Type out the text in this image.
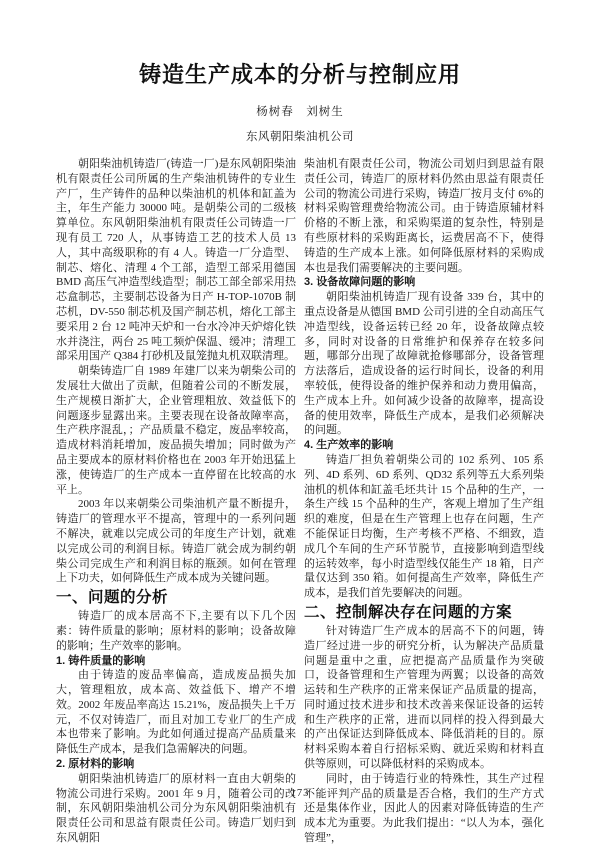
铸造生产成本的分析与控制应用
杨树春　刘树生
东风朝阳柴油机公司

朝阳柴油机铸造厂(铸造一厂)是东风朝阳柴油机有限责任公司所属的生产柴油机铸件的专业生产厂，生产铸件的品种以柴油机的机体和缸盖为主，年生产能力 30000 吨。是朝柴公司的二级核算单位。东风朝阳柴油机有限责任公司铸造一厂现有员工 720 人，从事铸造工艺的技术人员 13 人，其中高级职称的有 4 人。铸造一厂分造型、制芯、熔化、清理 4 个工部，造型工部采用德国 BMD 高压气冲造型线造型；制芯工部全部采用热芯盒制芯，主要制芯设备为日产 H-TOP-1070B 制芯机，DV-550 制芯机及国产制芯机，熔化工部主要采用 2 台 12 吨冲天炉和一台水冷冲天炉熔化铁水并浇注，两台 25 吨工频炉保温、缓冲；清理工部采用国产 Q384 打砂机及鼠笼抛丸机双联清理。

朝柴铸造厂自 1989 年建厂以来为朝柴公司的发展壮大做出了贡献，但随着公司的不断发展，生产规模日渐扩大，企业管理粗放、效益低下的问题逐步显露出来。主要表现在设备故障率高，生产秩序混乱，；产品质量不稳定，废品率较高，造成材料消耗增加，废品损失增加；同时做为产品主要成本的原材料价格也在 2003 年开始迅猛上涨，使铸造厂的生产成本一直停留在比较高的水平上。

2003 年以来朝柴公司柴油机产量不断提升，铸造厂的管理水平不提高，管理中的一系列问题不解决，就难以完成公司的年度生产计划，就难以完成公司的利润目标。铸造厂就会成为制约朝柴公司完成生产和利润目标的瓶颈。如何在管理上下功夫，如何降低生产成本成为关键问题。

一、问题的分析

铸造厂的成本居高不下,主要有以下几个因素：铸件质量的影响；原材料的影响；设备故障的影响；生产效率的影响。

1. 铸件质量的影响

由于铸造的废品率偏高，造成废品损失加大，管理粗放，成本高、效益低下、增产不增效。2002 年废品率高达 15.21%，废品损失上千万元，不仅对铸造厂，而且对加工专业厂的生产成本也带来了影响。为此如何通过提高产品质量来降低生产成本，是我们急需解决的问题。

2. 原材料的影响

朝阳柴油机铸造厂的原材料一直由大朝柴的物流公司进行采购。2001 年 9 月，随着公司的改制，东风朝阳柴油机公司分为东风朝阳柴油机有限责任公司和思益有限责任公司。铸造厂划归到东风朝阳

柴油机有限责任公司，物流公司划归到思益有限责任公司，铸造厂的原材料仍然由思益有限责任公司的物流公司进行采购，铸造厂按月支付 6%的材料采购管理费给物流公司。由于铸造原辅材料价格的不断上涨，和采购渠道的复杂性，特别是有些原材料的采购距离长，运费居高不下，使得铸造的生产成本上涨。如何降低原材料的采购成本也是我们需要解决的主要问题。

3. 设备故障问题的影响

朝阳柴油机铸造厂现有设备 339 台，其中的重点设备是从德国 BMD 公司引进的全自动高压气冲造型线，设备运转已经 20 年，设备故障点较多，同时对设备的日常维护和保养存在较多问题，哪部分出现了故障就抢修哪部分，设备管理方法落后，造成设备的运行时间长，设备的利用率较低，使得设备的维护保养和动力费用偏高，生产成本上升。如何减少设备的故障率，提高设备的使用效率，降低生产成本，是我们必须解决的问题。

4. 生产效率的影响

铸造厂担负着朝柴公司的 102 系列、105 系列、4D 系列、6D 系列、QD32 系列等五大系列柴油机的机体和缸盖毛坯共计 15 个品种的生产，一条生产线 15 个品种的生产，客观上增加了生产组织的难度，但是在生产管理上也存在问题，生产不能保证日均衡，生产考核不严格、不细致，造成几个车间的生产环节脱节，直接影响到造型线的运转效率，每小时造型线仅能生产 18 箱，日产量仅达到 350 箱。如何提高生产效率，降低生产成本，是我们首先要解决的问题。

二、控制解决存在问题的方案

针对铸造厂生产成本的居高不下的问题，铸造厂经过进一步的研究分析，认为解决产品质量问题是重中之重，应把提高产品质量作为突破口，设备管理和生产管理为两翼；以设备的高效运转和生产秩序的正常来保证产品质量的提高，同时通过技术进步和技术改善来保证设备的运转和生产秩序的正常，进而以同样的投入得到最大的产出保证达到降低成本、降低消耗的目的。原材料采购本着自行招标采购、就近采购和材料直供等原则，可以降低材料的采购成本。

同时，由于铸造行业的特殊性，其生产过程不能评判产品的质量是否合格，我们的生产方式还是集体作业，因此人的因素对降低铸造的生产成本尤为重要。为此我们提出：“以人为本，强化管理”，

173
